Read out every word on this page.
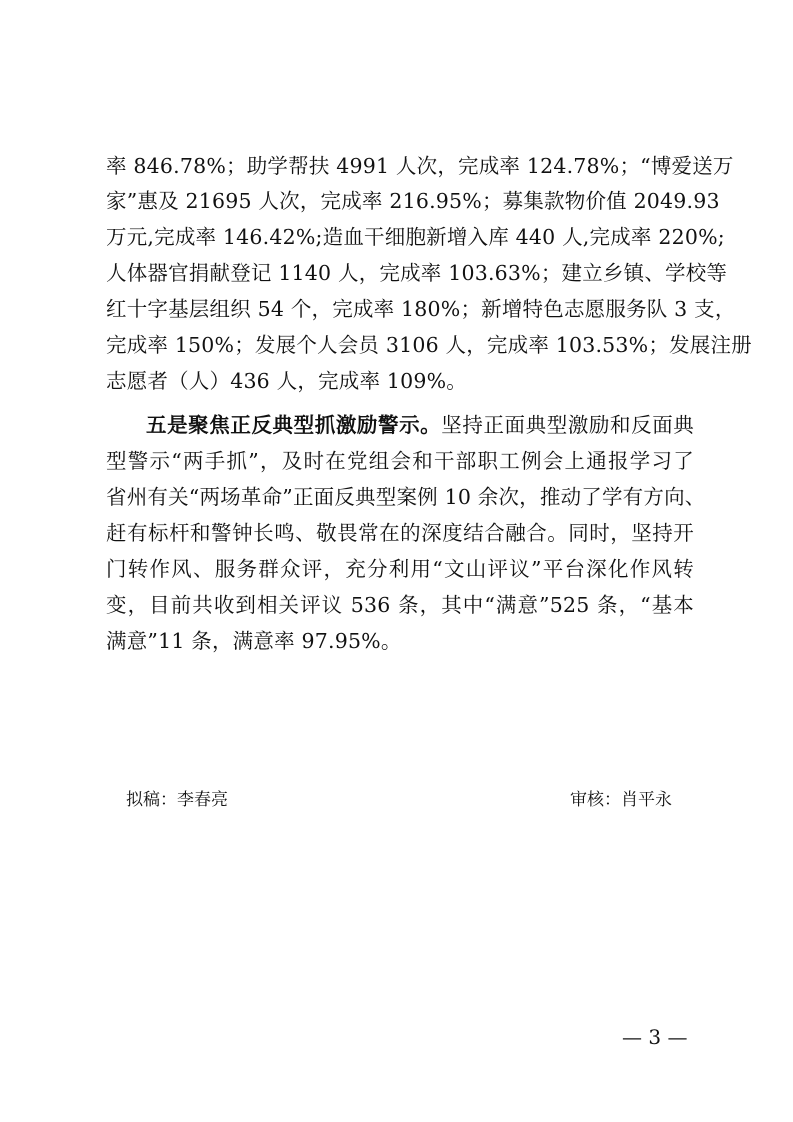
率 846.78%；助学帮扶 4991 人次，完成率 124.78%；“博爱送万
家”惠及 21695 人次，完成率 216.95%；募集款物价值 2049.93
万元,完成率 146.42%;造血干细胞新增入库 440 人,完成率 220%;
人体器官捐献登记 1140 人，完成率 103.63%；建立乡镇、学校等
红十字基层组织 54 个，完成率 180%；新增特色志愿服务队 3 支，
完成率 150%；发展个人会员 3106 人，完成率 103.53%；发展注册
志愿者（人）436 人，完成率 109%。
五是聚焦正反典型抓激励警示。坚持正面典型激励和反面典
型警示“两手抓”，及时在党组会和干部职工例会上通报学习了
省州有关“两场革命”正面反典型案例 10 余次，推动了学有方向、
赶有标杆和警钟长鸣、敬畏常在的深度结合融合。同时，坚持开
门转作风、服务群众评，充分利用“文山评议”平台深化作风转
变，目前共收到相关评议 536 条，其中“满意”525 条，“基本
满意”11 条，满意率 97.95%。
拟稿：李春亮	审核：肖平永
— 3 —
